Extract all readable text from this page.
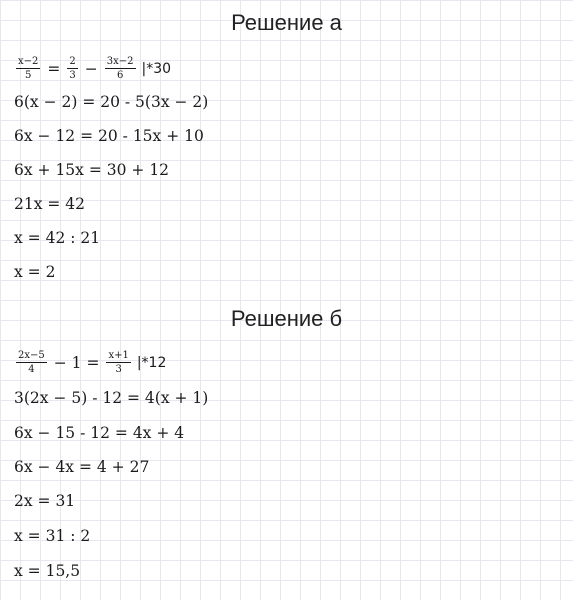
Решение а
$\frac{x-2}{5} = \frac{2}{3} - \frac{3x-2}{6} |*30$
6(x − 2) = 20 - 5(3x − 2)
6x − 12 = 20 - 15x + 10
6x + 15x = 30 + 12
21x = 42
x = 42 : 21
x = 2
Решение б
$\frac{2x-5}{4} - 1 = \frac{x+1}{3} |*12$
3(2x − 5) - 12 = 4(x + 1)
6x − 15 - 12 = 4x + 4
6x − 4x = 4 + 27
2x = 31
x = 31 : 2
x = 15,5
